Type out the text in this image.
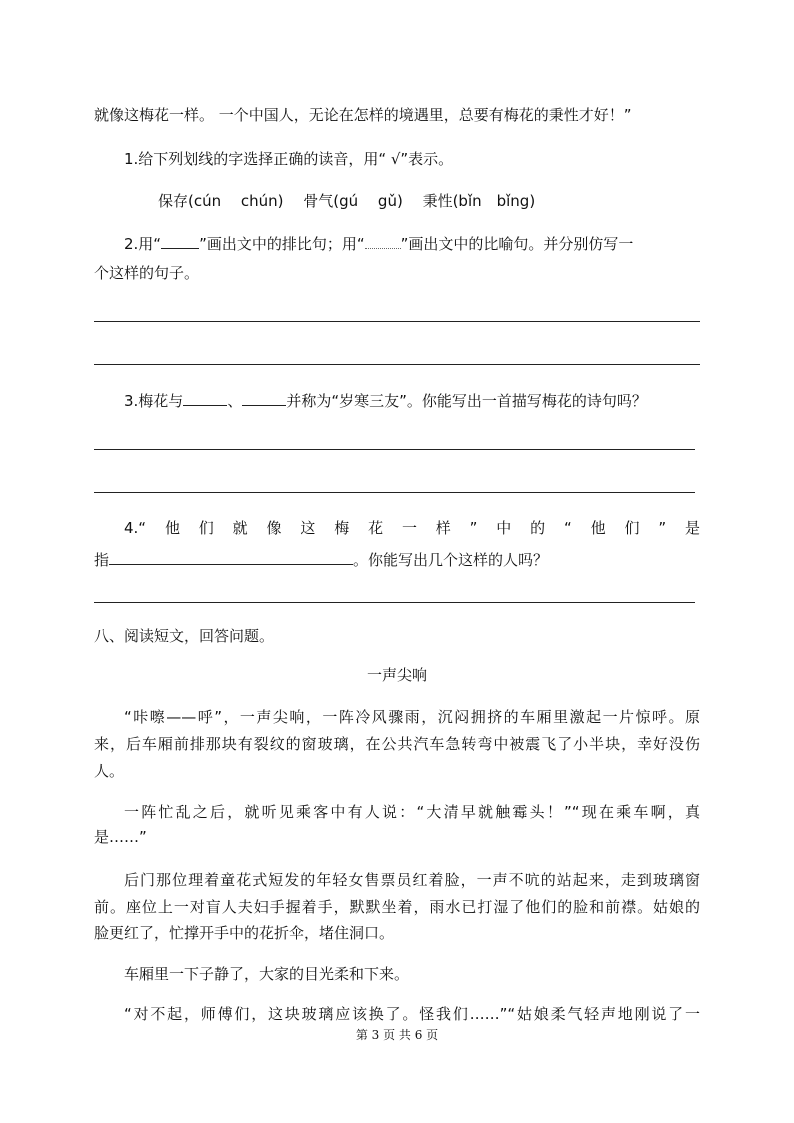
就像这梅花一样。 一个中国人，无论在怎样的境遇里，总要有梅花的秉性才好！”
1.给下列划线的字选择正确的读音，用“ √”表示。
保存(cún　 chún)　 骨气(gú　 gǔ)　 秉性(bǐn　bǐng)
2.用“	”画出文中的排比句；用“ ”画出文中的比喻句。并分别仿写一
个这样的句子。
3.梅花与	、	并称为“岁寒三友”。你能写出一首描写梅花的诗句吗？
4.“他们就像这梅花一样”中的“他们”是
指	。你能写出几个这样的人吗？
八、阅读短文，回答问题。
一声尖响
“咔嚓——呼”，一声尖响，一阵冷风骤雨，沉闷拥挤的车厢里激起一片惊呼。原
来，后车厢前排那块有裂纹的窗玻璃，在公共汽车急转弯中被震飞了小半块，幸好没伤
人。
一阵忙乱之后，就听见乘客中有人说：“大清早就触霉头！”“现在乘车啊，真
是……”
后门那位理着童花式短发的年轻女售票员红着脸，一声不吭的站起来，走到玻璃窗
前。座位上一对盲人夫妇手握着手，默默坐着，雨水已打湿了他们的脸和前襟。姑娘的
脸更红了，忙撑开手中的花折伞，堵住洞口。
车厢里一下子静了，大家的目光柔和下来。
“对不起，师傅们，这块玻璃应该换了。怪我们……”“姑娘柔气轻声地刚说了一
第 3 页 共 6 页
